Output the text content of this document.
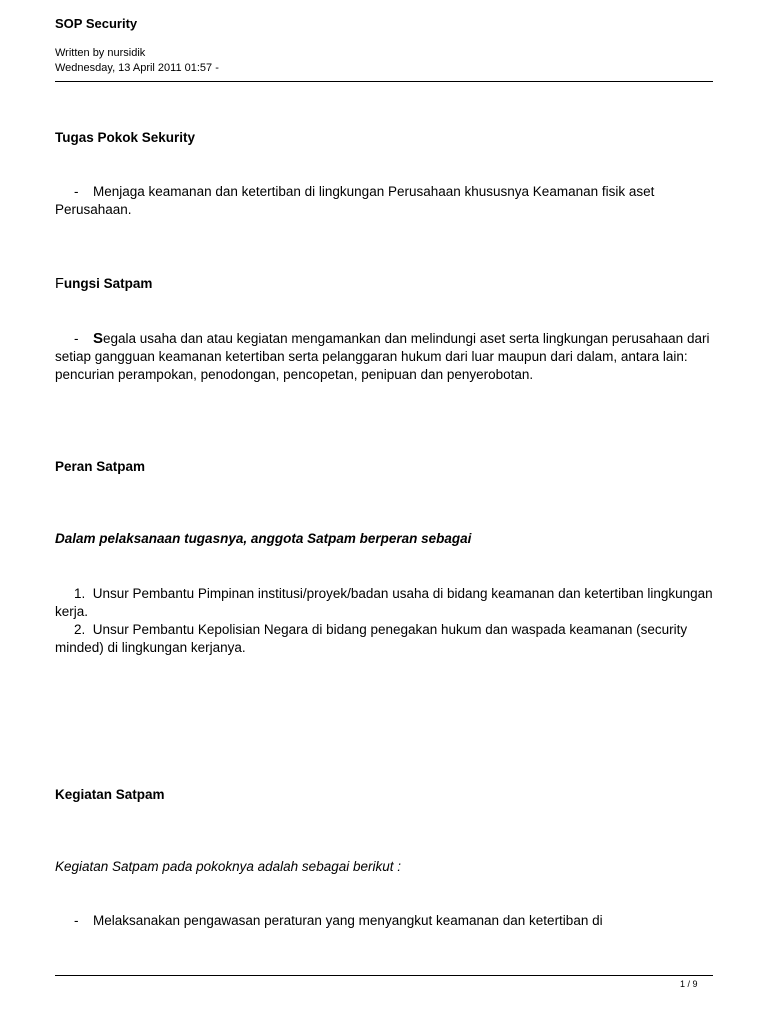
SOP Security
Written by nursidik
Wednesday, 13 April 2011 01:57 -
Tugas Pokok Sekurity

- Menjaga keamanan dan ketertiban di lingkungan Perusahaan khususnya Keamanan fisik aset Perusahaan.

Fungsi Satpam

- Segala usaha dan atau kegiatan mengamankan dan melindungi aset serta lingkungan perusahaan dari setiap gangguan keamanan ketertiban serta pelanggaran hukum dari luar maupun dari dalam, antara lain: pencurian perampokan, penodongan, pencopetan, penipuan dan penyerobotan.

Peran Satpam
Dalam pelaksanaan tugasnya, anggota Satpam berperan sebagai
1. Unsur Pembantu Pimpinan institusi/proyek/badan usaha di bidang keamanan dan ketertiban lingkungan kerja.
2. Unsur Pembantu Kepolisian Negara di bidang penegakan hukum dan waspada keamanan (security minded) di lingkungan kerjanya.
Kegiatan Satpam
Kegiatan Satpam pada pokoknya adalah sebagai berikut :

- Melaksanakan pengawasan peraturan yang menyangkut keamanan dan ketertiban di

1 / 9
